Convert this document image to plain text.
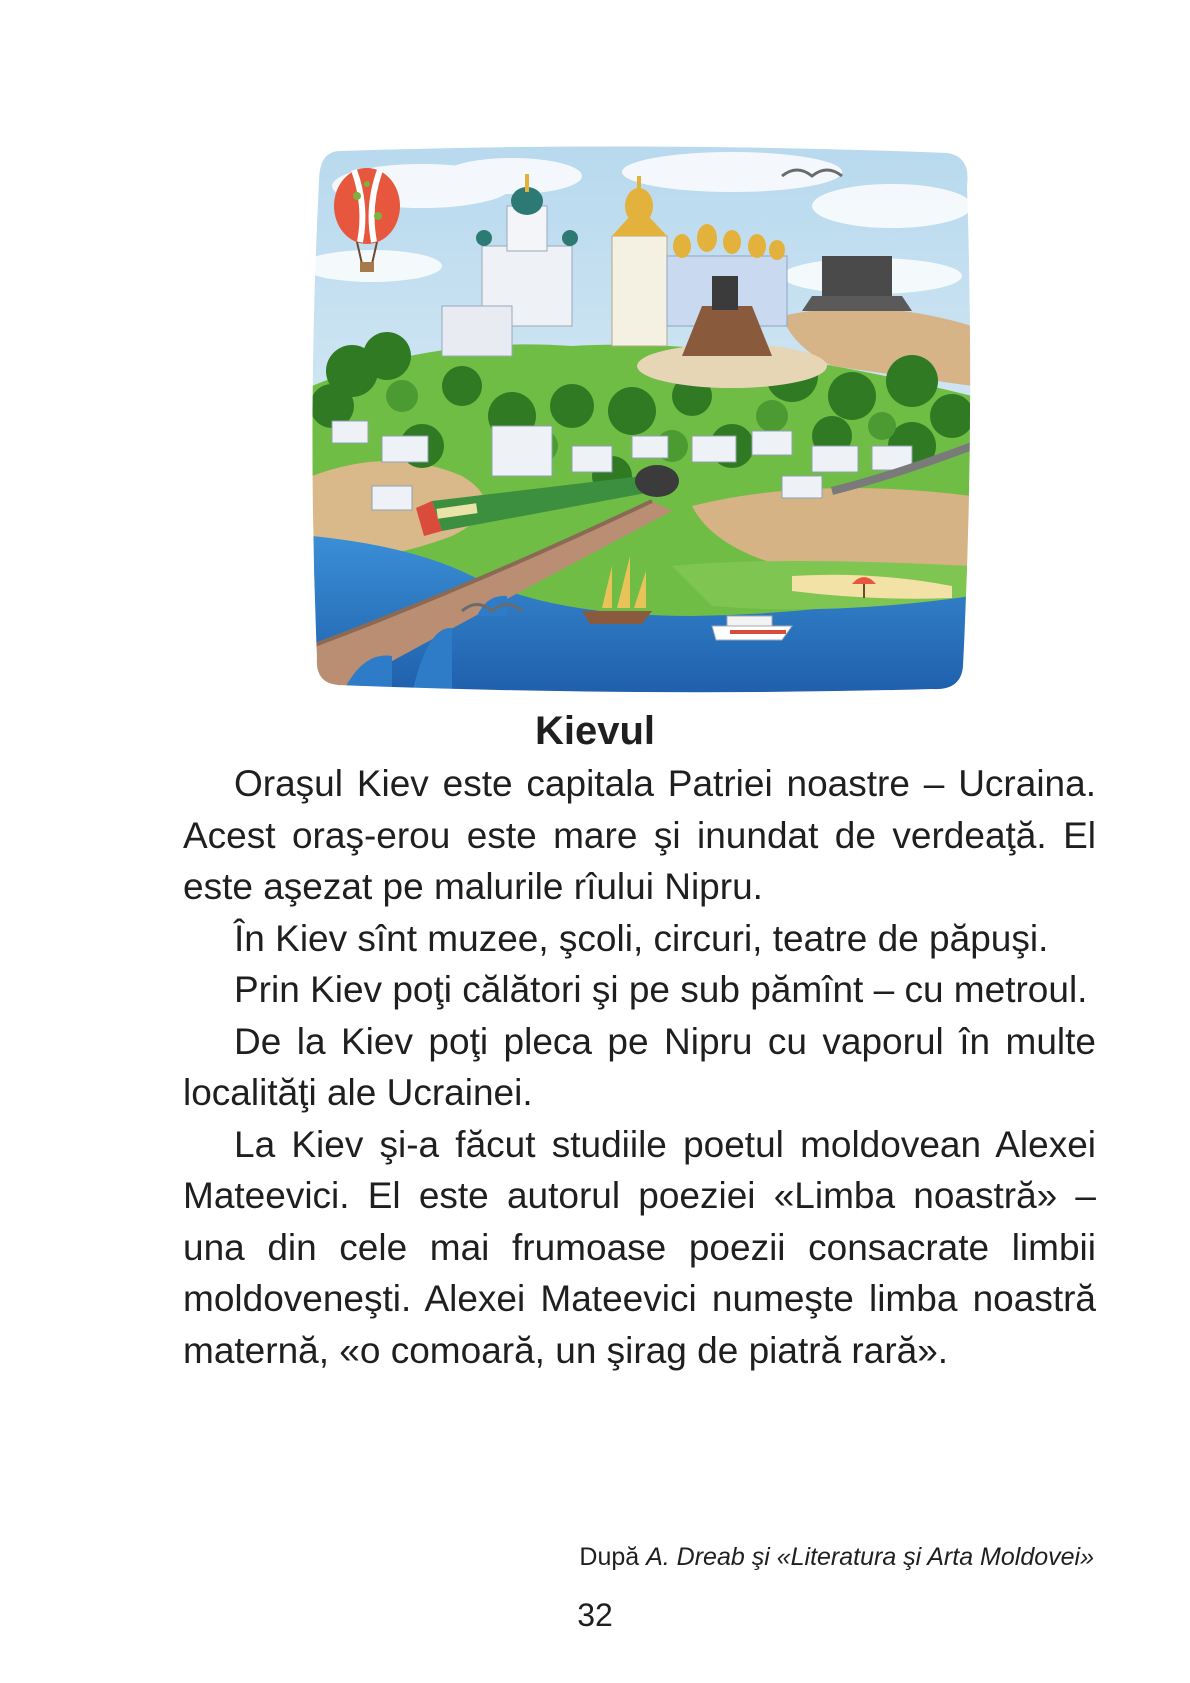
Kievul

Oraşul Kiev este capitala Patriei noastre – Ucraina. Acest oraş-erou este mare şi inundat de verdeaţă. El este aşezat pe malurile rîului Nipru.

În Kiev sînt muzee, şcoli, circuri, teatre de păpuşi.

Prin Kiev poţi călători şi pe sub pămînt – cu metroul.

De la Kiev poţi pleca pe Nipru cu vaporul în multe localităţi ale Ucrainei.

La Kiev şi-a făcut studiile poetul moldovean Alexei Mateevici. El este autorul poeziei «Limba noastră» – una din cele mai frumoase poezii consacrate limbii moldoveneşti. Alexei Mateevici numeşte limba noastră maternă, «o comoară, un şirag de piatră rară».

După A. Dreab şi «Literatura şi Arta Moldovei»
32
